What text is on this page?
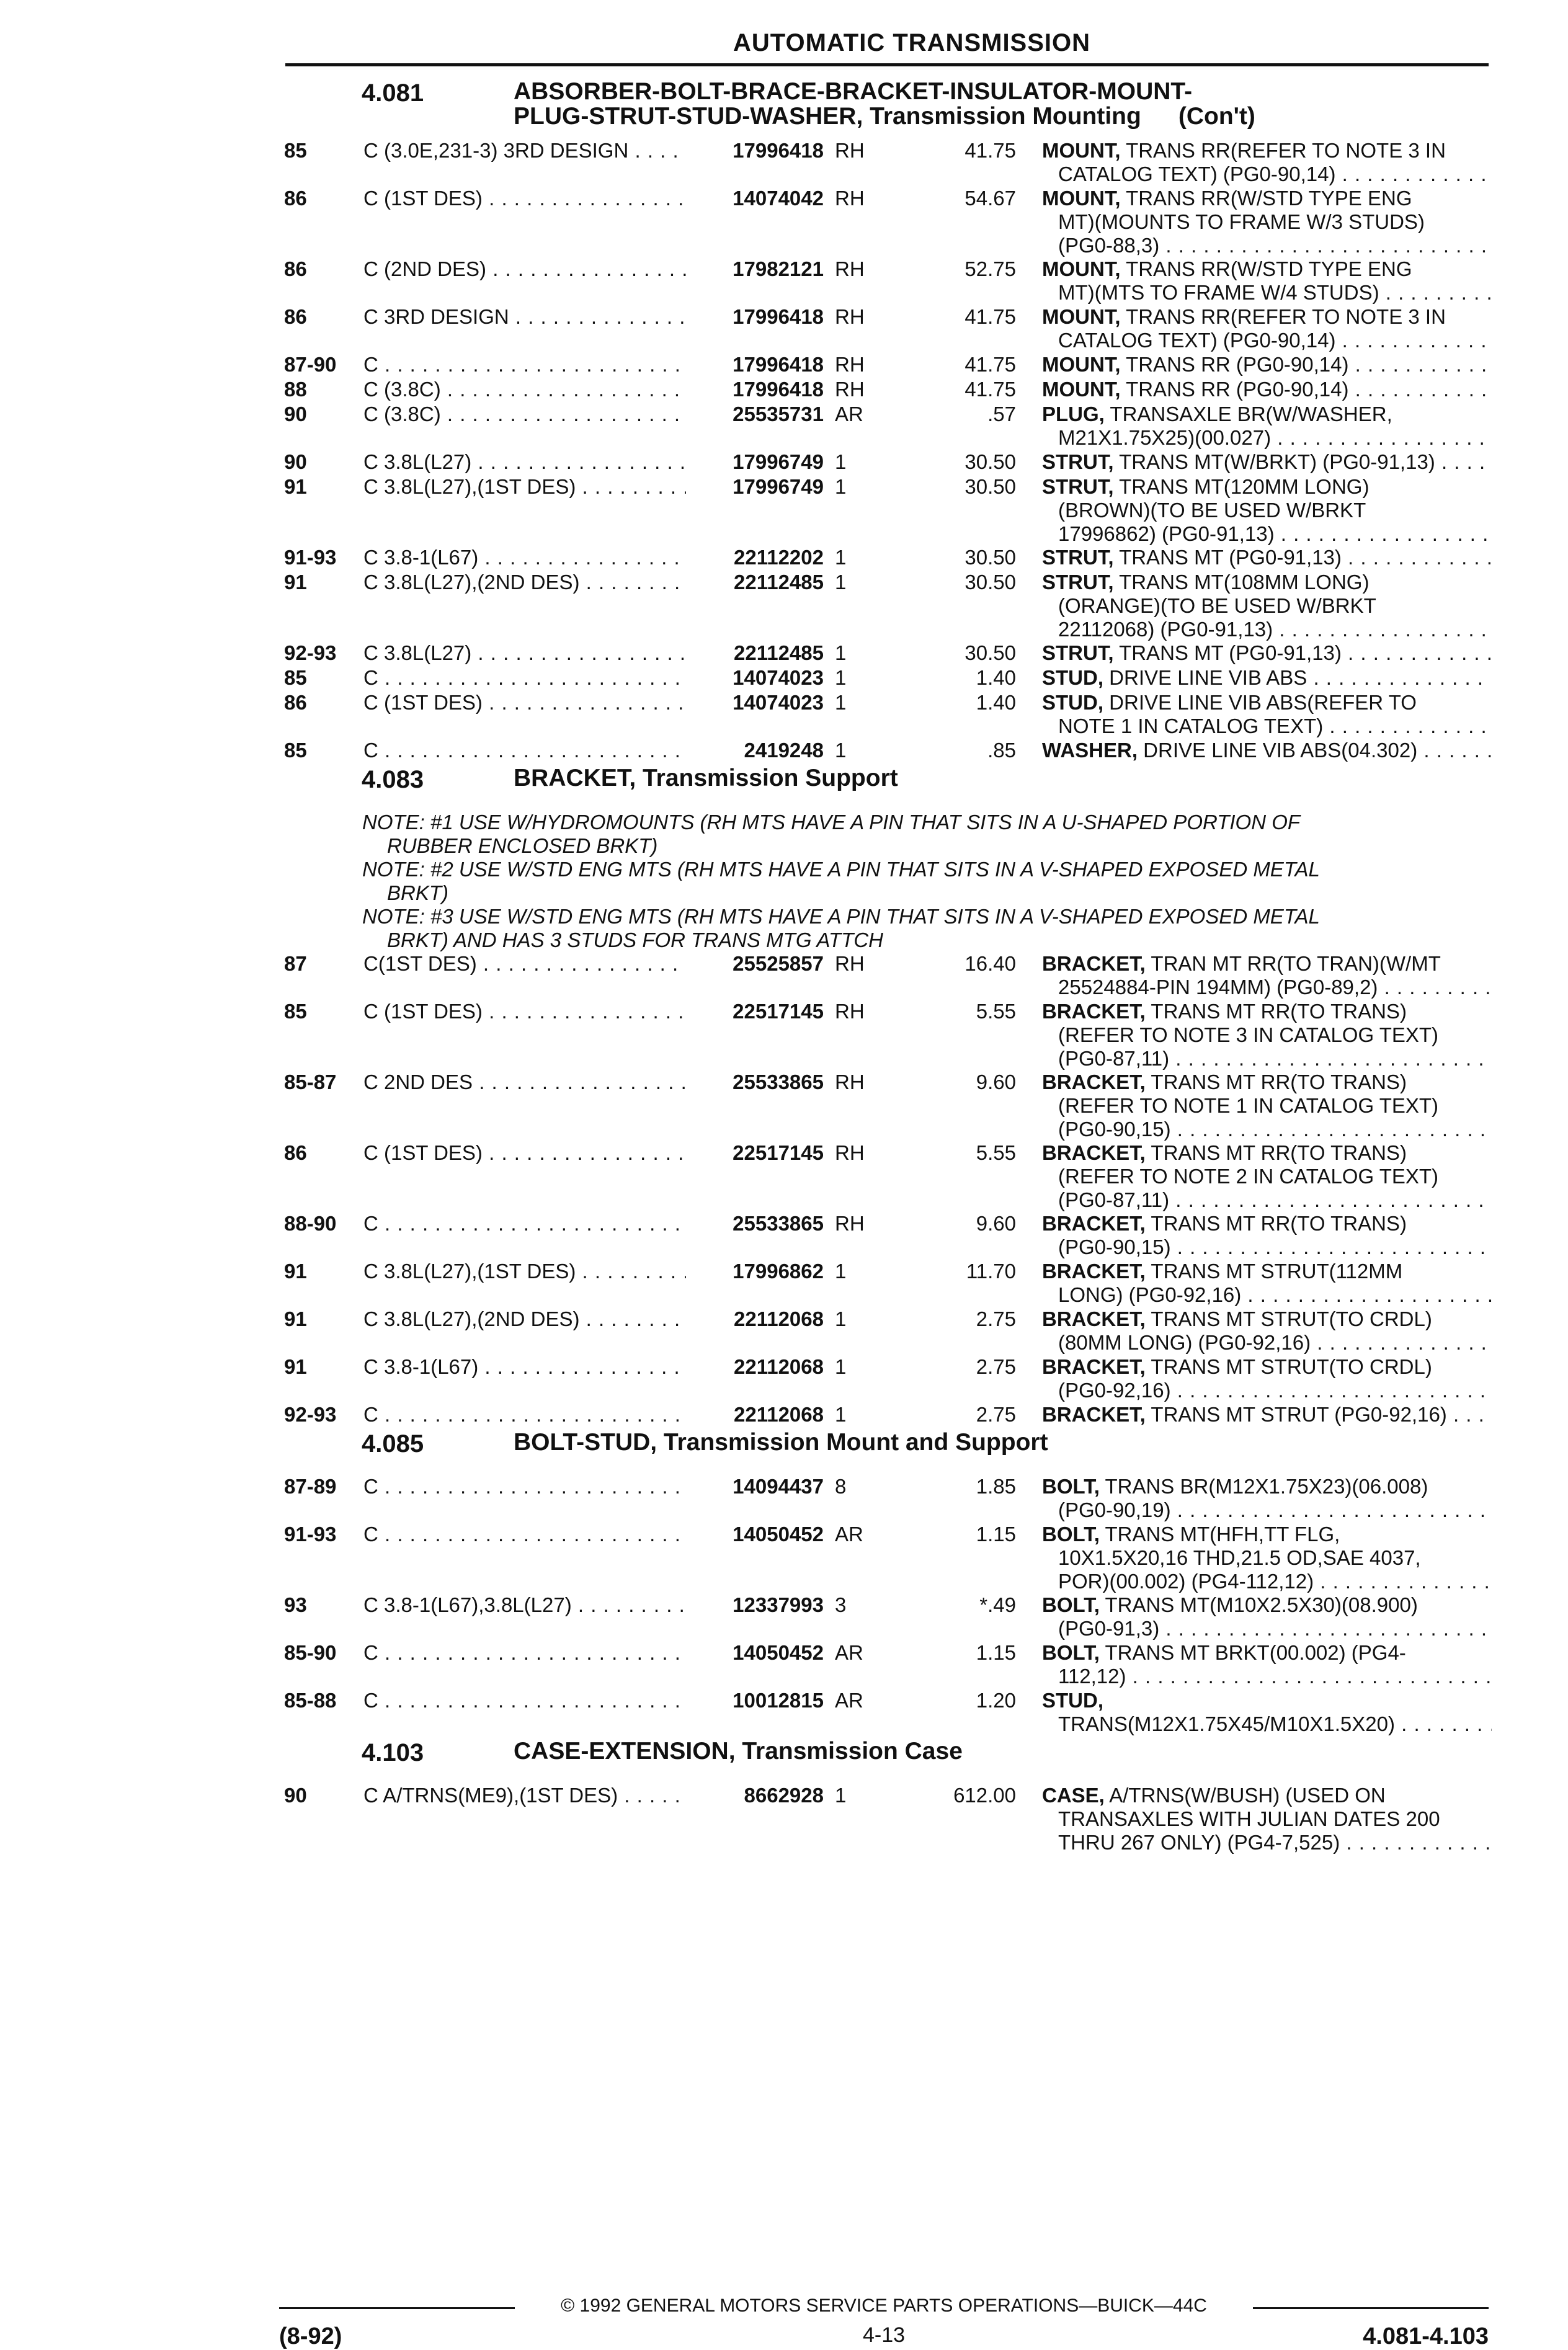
AUTOMATIC TRANSMISSION
4.081	ABSORBER-BOLT-BRACE-BRACKET-INSULATOR-MOUNT-
PLUG-STRUT-STUD-WASHER, Transmission Mounting (Con't)
85	C (3.0E,231-3) 3RD DESIGN . . .	17996418 RH	41.75 MOUNT, TRANS RR(REFER TO NOTE 3 IN
CATALOG TEXT) (PG0-90,14) . . .
86	C (1ST DES) . . .	14074042 RH	54.67 MOUNT, TRANS RR(W/STD TYPE ENG
MT)(MOUNTS TO FRAME W/3 STUDS)
(PG0-88,3) . . .
86	C (2ND DES) . . .	17982121 RH	52.75 MOUNT, TRANS RR(W/STD TYPE ENG
MT)(MTS TO FRAME W/4 STUDS) . . .
86	C 3RD DESIGN . . .	17996418 RH	41.75 MOUNT, TRANS RR(REFER TO NOTE 3 IN
CATALOG TEXT) (PG0-90,14) . . .
87-90	C . . .	17996418 RH	41.75 MOUNT, TRANS RR (PG0-90,14) . . .
88	C (3.8C) . . .	17996418 RH	41.75 MOUNT, TRANS RR (PG0-90,14) . . .
90	C (3.8C) . . .	25535731 AR	.57 PLUG, TRANSAXLE BR(W/WASHER,
M21X1.75X25)(00.027) . . .
90	C 3.8L(L27) . . .	17996749 1	30.50 STRUT, TRANS MT(W/BRKT) (PG0-91,13) . . .
91	C 3.8L(L27),(1ST DES) . . .	17996749 1	30.50 STRUT, TRANS MT(120MM LONG)
(BROWN)(TO BE USED W/BRKT
17996862) (PG0-91,13) . . .
91-93	C 3.8-1(L67) . . .	22112202 1	30.50 STRUT, TRANS MT (PG0-91,13) . . .
91	C 3.8L(L27),(2ND DES) . . .	22112485 1	30.50 STRUT, TRANS MT(108MM LONG)
(ORANGE)(TO BE USED W/BRKT
22112068) (PG0-91,13) . . .
92-93	C 3.8L(L27) . . .	22112485 1	30.50 STRUT, TRANS MT (PG0-91,13) . . .
85	C . . .	14074023 1	1.40 STUD, DRIVE LINE VIB ABS . . .
86	C (1ST DES) . . .	14074023 1	1.40 STUD, DRIVE LINE VIB ABS(REFER TO
NOTE 1 IN CATALOG TEXT) . . .
85	C . . .	2419248 1	.85 WASHER, DRIVE LINE VIB ABS(04.302) . . .
4.083	BRACKET, Transmission Support
NOTE: #1 USE W/HYDROMOUNTS (RH MTS HAVE A PIN THAT SITS IN A U-SHAPED PORTION OF
RUBBER ENCLOSED BRKT)
NOTE: #2 USE W/STD ENG MTS (RH MTS HAVE A PIN THAT SITS IN A V-SHAPED EXPOSED METAL
BRKT)
NOTE: #3 USE W/STD ENG MTS (RH MTS HAVE A PIN THAT SITS IN A V-SHAPED EXPOSED METAL
BRKT) AND HAS 3 STUDS FOR TRANS MTG ATTCH
87	C(1ST DES) . . .	25525857 RH	16.40 BRACKET, TRAN MT RR(TO TRAN)(W/MT
25524884-PIN 194MM) (PG0-89,2) . . .
85	C (1ST DES) . . .	22517145 RH	5.55 BRACKET, TRANS MT RR(TO TRANS)
(REFER TO NOTE 3 IN CATALOG TEXT)
(PG0-87,11) . . .
85-87	C 2ND DES . . .	25533865 RH	9.60 BRACKET, TRANS MT RR(TO TRANS)
(REFER TO NOTE 1 IN CATALOG TEXT)
(PG0-90,15) . . .
86	C (1ST DES) . . .	22517145 RH	5.55 BRACKET, TRANS MT RR(TO TRANS)
(REFER TO NOTE 2 IN CATALOG TEXT)
(PG0-87,11) . . .
88-90	C . . .	25533865 RH	9.60 BRACKET, TRANS MT RR(TO TRANS)
(PG0-90,15) . . .
91	C 3.8L(L27),(1ST DES) . . .	17996862 1	11.70 BRACKET, TRANS MT STRUT(112MM
LONG) (PG0-92,16) . . .
91	C 3.8L(L27),(2ND DES) . . .	22112068 1	2.75 BRACKET, TRANS MT STRUT(TO CRDL)
(80MM LONG) (PG0-92,16) . . .
91	C 3.8-1(L67) . . .	22112068 1	2.75 BRACKET, TRANS MT STRUT(TO CRDL)
(PG0-92,16) . . .
92-93	C . . .	22112068 1	2.75 BRACKET, TRANS MT STRUT (PG0-92,16) . . .
4.085	BOLT-STUD, Transmission Mount and Support
87-89	C . . .	14094437 8	1.85 BOLT, TRANS BR(M12X1.75X23)(06.008)
(PG0-90,19) . . .
91-93	C . . .	14050452 AR	1.15 BOLT, TRANS MT(HFH,TT FLG,
10X1.5X20,16 THD,21.5 OD,SAE 4037,
POR)(00.002) (PG4-112,12) . . .
93	C 3.8-1(L67),3.8L(L27) . . .	12337993 3	*.49 BOLT, TRANS MT(M10X2.5X30)(08.900)
(PG0-91,3) . . .
85-90	C . . .	14050452 AR	1.15 BOLT, TRANS MT BRKT(00.002) (PG4-
112,12) . . .
85-88	C . . .	10012815 AR	1.20 STUD,
TRANS(M12X1.75X45/M10X1.5X20) . . .
4.103	CASE-EXTENSION, Transmission Case
90	C A/TRNS(ME9),(1ST DES) . . .	8662928 1	612.00 CASE, A/TRNS(W/BUSH) (USED ON
TRANSAXLES WITH JULIAN DATES 200
THRU 267 ONLY) (PG4-7,525) . . .
© 1992 GENERAL MOTORS SERVICE PARTS OPERATIONS—BUICK—44C
(8-92)	4-13	4.081-4.103
